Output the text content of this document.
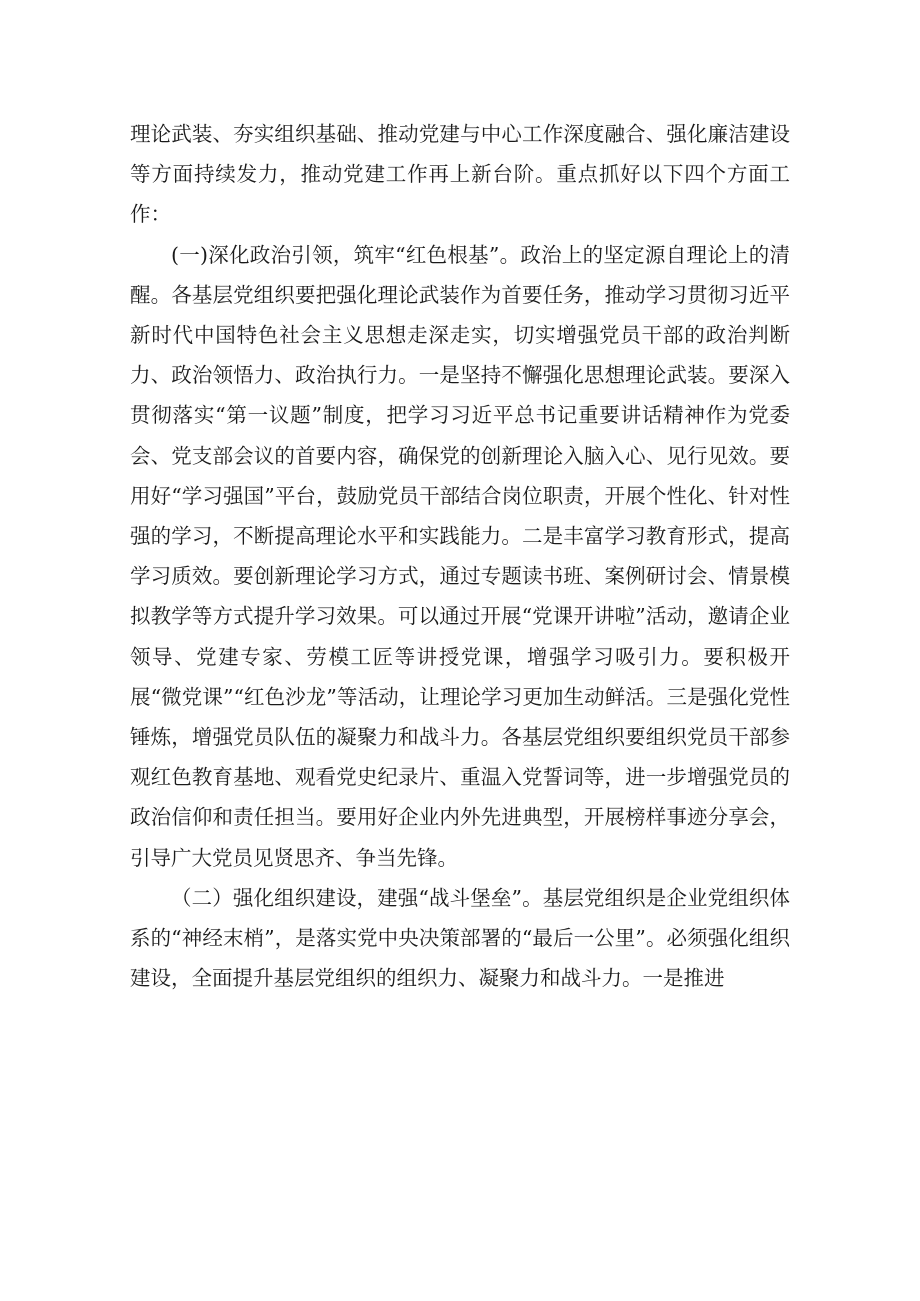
理论武装、夯实组织基础、推动党建与中心工作深度融合、强化廉洁建设等方面持续发力，推动党建工作再上新台阶。重点抓好以下四个方面工作：

(一)深化政治引领，筑牢“红色根基”。政治上的坚定源自理论上的清醒。各基层党组织要把强化理论武装作为首要任务，推动学习贯彻习近平新时代中国特色社会主义思想走深走实，切实增强党员干部的政治判断力、政治领悟力、政治执行力。一是坚持不懈强化思想理论武装。要深入贯彻落实“第一议题”制度，把学习习近平总书记重要讲话精神作为党委会、党支部会议的首要内容，确保党的创新理论入脑入心、见行见效。要用好“学习强国”平台，鼓励党员干部结合岗位职责，开展个性化、针对性强的学习，不断提高理论水平和实践能力。二是丰富学习教育形式，提高学习质效。要创新理论学习方式，通过专题读书班、案例研讨会、情景模拟教学等方式提升学习效果。可以通过开展“党课开讲啦”活动，邀请企业领导、党建专家、劳模工匠等讲授党课，增强学习吸引力。要积极开展“微党课”“红色沙龙”等活动，让理论学习更加生动鲜活。三是强化党性锤炼，增强党员队伍的凝聚力和战斗力。各基层党组织要组织党员干部参观红色教育基地、观看党史纪录片、重温入党誓词等，进一步增强党员的政治信仰和责任担当。要用好企业内外先进典型，开展榜样事迹分享会，引导广大党员见贤思齐、争当先锋。

（二）强化组织建设，建强“战斗堡垒”。基层党组织是企业党组织体系的“神经末梢”，是落实党中央决策部署的“最后一公里”。必须强化组织建设，全面提升基层党组织的组织力、凝聚力和战斗力。一是推进
